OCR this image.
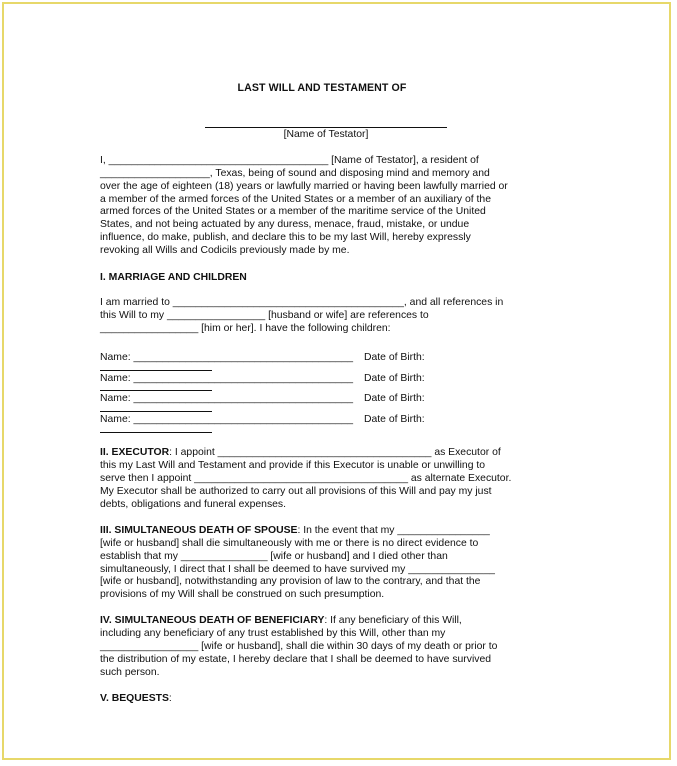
LAST WILL AND TESTAMENT OF
[Name of Testator]
I, ______________________________________ [Name of Testator], a resident of
___________________, Texas, being of sound and disposing mind and memory and
over the age of eighteen (18) years or lawfully married or having been lawfully married or
a member of the armed forces of the United States or a member of an auxiliary of the
armed forces of the United States or a member of the maritime service of the United
States, and not being actuated by any duress, menace, fraud, mistake, or undue
influence, do make, publish, and declare this to be my last Will, hereby expressly
revoking all Wills and Codicils previously made by me.
I. MARRIAGE AND CHILDREN
I am married to ________________________________________, and all references in
this Will to my _________________ [husband or wife] are references to
_________________ [him or her]. I have the following children:
Name: ______________________________________ Date of Birth:
Name: ______________________________________ Date of Birth:
Name: ______________________________________ Date of Birth:
Name: ______________________________________ Date of Birth:
II. EXECUTOR: I appoint _____________________________________ as Executor of
this my Last Will and Testament and provide if this Executor is unable or unwilling to
serve then I appoint _____________________________________ as alternate Executor.
My Executor shall be authorized to carry out all provisions of this Will and pay my just
debts, obligations and funeral expenses.
III. SIMULTANEOUS DEATH OF SPOUSE: In the event that my ________________
[wife or husband] shall die simultaneously with me or there is no direct evidence to
establish that my _______________ [wife or husband] and I died other than
simultaneously, I direct that I shall be deemed to have survived my _______________
[wife or husband], notwithstanding any provision of law to the contrary, and that the
provisions of my Will shall be construed on such presumption.
IV. SIMULTANEOUS DEATH OF BENEFICIARY: If any beneficiary of this Will,
including any beneficiary of any trust established by this Will, other than my
_________________ [wife or husband], shall die within 30 days of my death or prior to
the distribution of my estate, I hereby declare that I shall be deemed to have survived
such person.
V. BEQUESTS:
